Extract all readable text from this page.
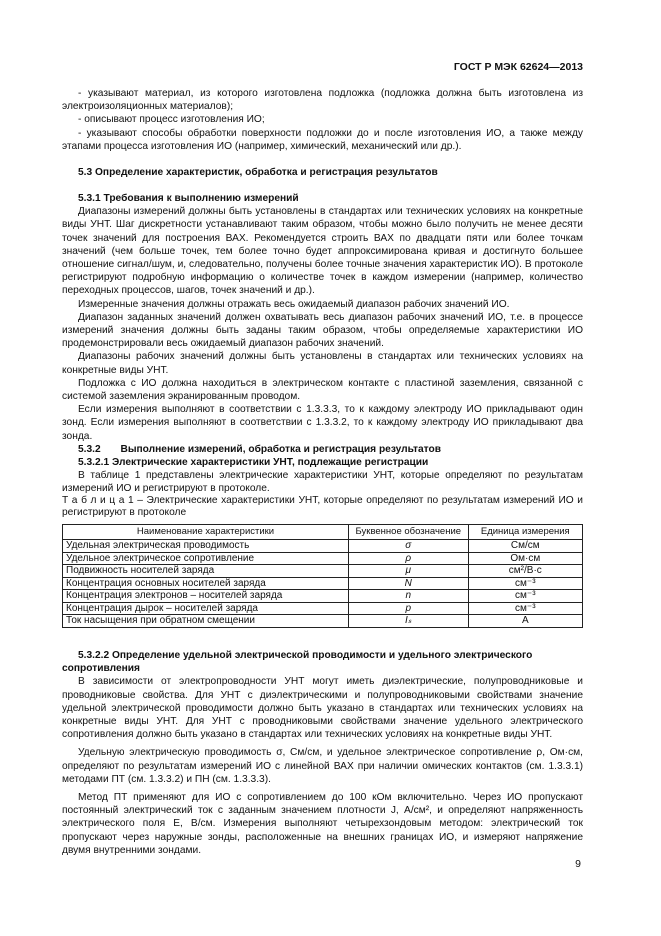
ГОСТ Р МЭК 62624—2013

- указывают материал, из которого изготовлена подложка (подложка должна быть изготовлена из электроизоляционных материалов);

- описывают процесс изготовления ИО;

- указывают способы обработки поверхности подложки до и после изготовления ИО, а также между этапами процесса изготовления ИО (например, химический, механический или др.).

5.3 Определение характеристик, обработка и регистрация результатов

5.3.1 Требования к выполнению измерений

Диапазоны измерений должны быть установлены в стандартах или технических условиях на конкретные виды УНТ. Шаг дискретности устанавливают таким образом, чтобы можно было получить не менее десяти точек значений для построения ВАХ. Рекомендуется строить ВАХ по двадцати пяти или более точкам значений (чем больше точек, тем более точно будет аппроксимирована кривая и достигнуто большее отношение сигнал/шум, и, следовательно, получены более точные значения характеристик ИО). В протоколе регистрируют подробную информацию о количестве точек в каждом измерении (например, количество переходных процессов, шагов, точек значений и др.).

Измеренные значения должны отражать весь ожидаемый диапазон рабочих значений ИО.

Диапазон заданных значений должен охватывать весь диапазон рабочих значений ИО, т.е. в процессе измерений значения должны быть заданы таким образом, чтобы определяемые характеристики ИО продемонстрировали весь ожидаемый диапазон рабочих значений.

Диапазоны рабочих значений должны быть установлены в стандартах или технических условиях на конкретные виды УНТ.

Подложка с ИО должна находиться в электрическом контакте с пластиной заземления, связанной с системой заземления экранированным проводом.

Если измерения выполняют в соответствии с 1.3.3.3, то к каждому электроду ИО прикладывают один зонд. Если измерения выполняют в соответствии с 1.3.3.2, то к каждому электроду ИО прикладывают два зонда.

5.3.2       Выполнение измерений, обработка и регистрация результатов

5.3.2.1 Электрические характеристики УНТ, подлежащие регистрации

В таблице 1 представлены электрические характеристики УНТ, которые определяют по результатам измерений ИО и регистрируют в протоколе.

Т а б л и ц а 1 – Электрические характеристики УНТ, которые определяют по результатам измерений ИО и регистрируют в протоколе
Наименование характеристики	Буквенное обозначение	Единица измерения
Удельная электрическая проводимость	σ	См/см
Удельное электрическое сопротивление	ρ	Ом·см
Подвижность носителей заряда	μ	см²/В·с
Концентрация основных носителей заряда	N	см⁻³
Концентрация электронов – носителей заряда	n	см⁻³
Концентрация дырок – носителей заряда	p	см⁻³
Ток насыщения при обратном смещении	Iₛ	А

5.3.2.2 Определение удельной электрической проводимости и удельного электрического сопротивления

В зависимости от электропроводности УНТ могут иметь диэлектрические, полупроводниковые и проводниковые свойства. Для УНТ с диэлектрическими и полупроводниковыми свойствами значение удельной электрической проводимости должно быть указано в стандартах или технических условиях на конкретные виды УНТ. Для УНТ с проводниковыми свойствами значение удельного электрического сопротивления должно быть указано в стандартах или технических условиях на конкретные виды УНТ.

Удельную электрическую проводимость σ, См/см, и удельное электрическое сопротивление ρ, Ом·см, определяют по результатам измерений ИО с линейной ВАХ при наличии омических контактов (см. 1.3.3.1) методами ПТ (см. 1.3.3.2) и ПН (см. 1.3.3.3).

Метод ПТ применяют для ИО с сопротивлением до 100 кОм включительно. Через ИО пропускают постоянный электрический ток с заданным значением плотности J, А/см², и определяют напряженность электрического поля E, В/см. Измерения выполняют четырехзондовым методом: электрический ток пропускают через наружные зонды, расположенные на внешних границах ИО, и измеряют напряжение двумя внутренними зондами.

9
